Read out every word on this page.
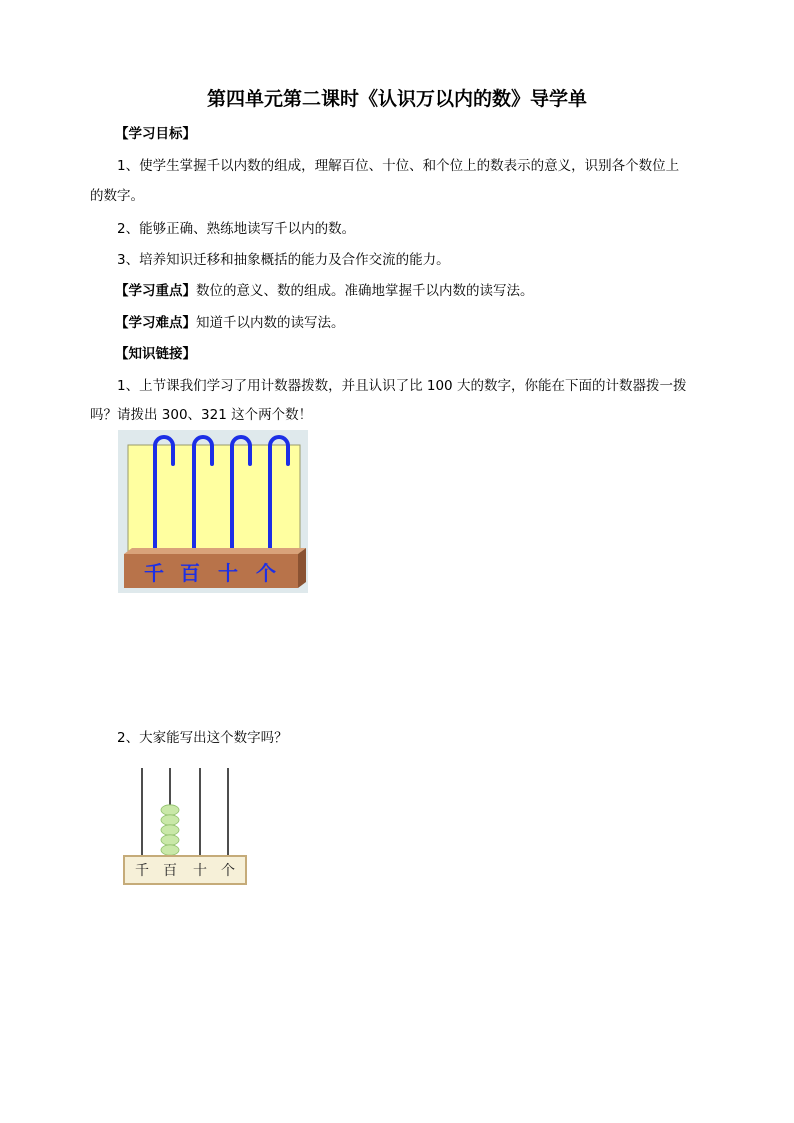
第四单元第二课时《认识万以内的数》导学单
【学习目标】
1、使学生掌握千以内数的组成，理解百位、十位、和个位上的数表示的意义，识别各个数位上
的数字。
2、能够正确、熟练地读写千以内的数。
3、培养知识迁移和抽象概括的能力及合作交流的能力。
【学习重点】数位的意义、数的组成。准确地掌握千以内数的读写法。
【学习难点】知道千以内数的读写法。
【知识链接】
1、上节课我们学习了用计数器拨数，并且认识了比 100 大的数字，你能在下面的计数器拨一拨
吗？请拨出 300、321 这个两个数！
千 百 十 个
2、大家能写出这个数字吗？
千 百 十 个
